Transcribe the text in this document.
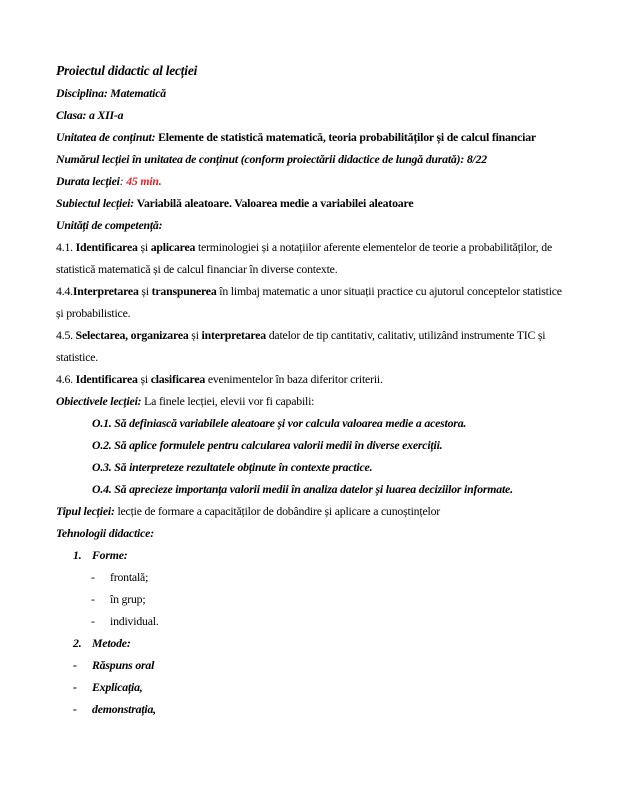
Proiectul didactic al lecției

Disciplina: Matematică

Clasa: a XII-a

Unitatea de conținut: Elemente de statistică matematică, teoria probabilităților și de calcul financiar

Numărul lecției în unitatea de conținut (conform proiectării didactice de lungă durată): 8/22

Durata lecției: 45 min.

Subiectul lecției: Variabilă aleatoare. Valoarea medie a variabilei aleatoare

Unități de competență:

4.1. Identificarea și aplicarea terminologiei și a notațiilor aferente elementelor de teorie a probabilităților, de  statistică matematică și de calcul financiar în diverse contexte.

4.4.Interpretarea și transpunerea în limbaj matematic a unor situații practice cu ajutorul conceptelor statistice și probabilistice.

4.5. Selectarea, organizarea și interpretarea datelor de tip cantitativ, calitativ, utilizând instrumente TIC și statistice.

4.6. Identificarea și clasificarea evenimentelor în baza diferitor criterii.

Obiectivele lecției: La finele lecției, elevii vor fi capabili:

O.1. Să definiască variabilele aleatoare și vor calcula valoarea medie a acestora.

O.2. Să aplice formulele pentru calcularea valorii medii în diverse exerciții.

O.3. Să interpreteze rezultatele obținute în contexte practice.

O.4. Să aprecieze importanța valorii medii în analiza datelor și luarea deciziilor informate.

Tipul lecției: lecție de formare a capacităților de dobândire și aplicare a cunoștințelor

Tehnologii didactice:

1. Forme:

- frontală;

- în grup;

- individual.

2. Metode:

- Răspuns oral

- Explicația,

- demonstrația,
